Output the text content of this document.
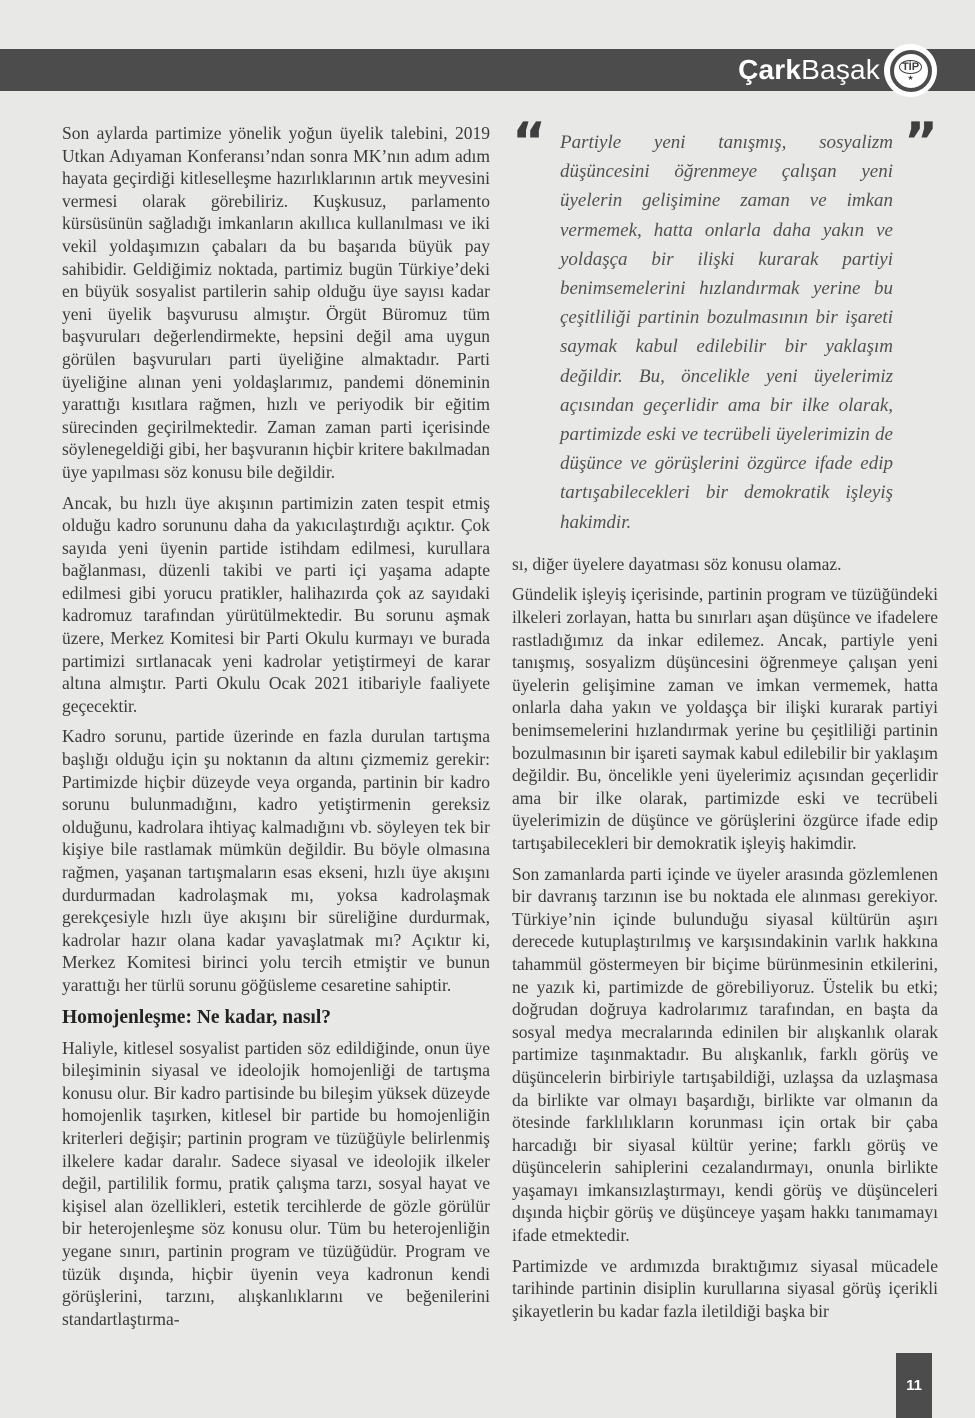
Çark Başak TİP
★

Son aylarda partimize yönelik yoğun üyelik talebini, 2019 Utkan Adıyaman Konferansı’ndan sonra MK’nın adım adım hayata geçirdiği kitleselleşme hazırlıklarının artık meyvesini vermesi olarak görebiliriz. Kuşkusuz, parlamento kürsüsünün sağladığı imkanların akıllıca kullanılması ve iki vekil yoldaşımızın çabaları da bu başarıda büyük pay sahibidir. Geldiğimiz noktada, partimiz bugün Türkiye’deki en büyük sosyalist partilerin sahip olduğu üye sayısı kadar yeni üyelik başvurusu almıştır. Örgüt Büromuz tüm başvuruları değerlendirmekte, hepsini değil ama uygun görülen başvuruları parti üyeliğine almaktadır. Parti üyeliğine alınan yeni yoldaşlarımız, pandemi döneminin yarattığı kısıtlara rağmen, hızlı ve periyodik bir eğitim sürecinden geçirilmektedir. Zaman zaman parti içerisinde söylenegeldiği gibi, her başvuranın hiçbir kritere bakılmadan üye yapılması söz konusu bile değildir.

Ancak, bu hızlı üye akışının partimizin zaten tespit etmiş olduğu kadro sorununu daha da yakıcılaştırdığı açıktır. Çok sayıda yeni üyenin partide istihdam edilmesi, kurullara bağlanması, düzenli takibi ve parti içi yaşama adapte edilmesi gibi yorucu pratikler, halihazırda çok az sayıdaki kadromuz tarafından yürütülmektedir. Bu sorunu aşmak üzere, Merkez Komitesi bir Parti Okulu kurmayı ve burada partimizi sırtlanacak yeni kadrolar yetiştirmeyi de karar altına almıştır. Parti Okulu Ocak 2021 itibariyle faaliyete geçecektir.

Kadro sorunu, partide üzerinde en fazla durulan tartışma başlığı olduğu için şu noktanın da altını çizmemiz gerekir: Partimizde hiçbir düzeyde veya organda, partinin bir kadro sorunu bulunmadığını, kadro yetiştirmenin gereksiz olduğunu, kadrolara ihtiyaç kalmadığını vb. söyleyen tek bir kişiye bile rastlamak mümkün değildir. Bu böyle olmasına rağmen, yaşanan tartışmaların esas ekseni, hızlı üye akışını durdurmadan kadrolaşmak mı, yoksa kadrolaşmak gerekçesiyle hızlı üye akışını bir süreliğine durdurmak, kadrolar hazır olana kadar yavaşlatmak mı? Açıktır ki, Merkez Komitesi birinci yolu tercih etmiştir ve bunun yarattığı her türlü sorunu göğüsleme cesaretine sahiptir.

Homojenleşme: Ne kadar, nasıl?

Haliyle, kitlesel sosyalist partiden söz edildiğinde, onun üye bileşiminin siyasal ve ideolojik homojenliği de tartışma konusu olur. Bir kadro partisinde bu bileşim yüksek düzeyde homojenlik taşırken, kitlesel bir partide bu homojenliğin kriterleri değişir; partinin program ve tüzüğüyle belirlenmiş ilkelere kadar daralır. Sadece siyasal ve ideolojik ilkeler değil, partililik formu, pratik çalışma tarzı, sosyal hayat ve kişisel alan özellikleri, estetik tercihlerde de gözle görülür bir heterojenleşme söz konusu olur. Tüm bu heterojenliğin yegane sınırı, partinin program ve tüzüğüdür. Program ve tüzük dışında, hiçbir üyenin veya kadronun kendi görüşlerini, tarzını, alışkanlıklarını ve beğenilerini standartlaştırma-

“	”
Partiyle yeni tanışmış, sosyalizm düşüncesini öğrenmeye çalışan yeni üyelerin gelişimine zaman ve imkan vermemek, hatta onlarla daha yakın ve yoldaşça bir ilişki kurarak partiyi benimsemelerini hızlandırmak yerine bu çeşitliliği partinin bozulmasının bir işareti saymak kabul edilebilir bir yaklaşım değildir. Bu, öncelikle yeni üyelerimiz açısından geçerlidir ama bir ilke olarak, partimizde eski ve tecrübeli üyelerimizin de düşünce ve görüşlerini özgürce ifade edip tartışabilecekleri bir demokratik işleyiş hakimdir.

sı, diğer üyelere dayatması söz konusu olamaz.

Gündelik işleyiş içerisinde, partinin program ve tüzüğündeki ilkeleri zorlayan, hatta bu sınırları aşan düşünce ve ifadelere rastladığımız da inkar edilemez. Ancak, partiyle yeni tanışmış, sosyalizm düşüncesini öğrenmeye çalışan yeni üyelerin gelişimine zaman ve imkan vermemek, hatta onlarla daha yakın ve yoldaşça bir ilişki kurarak partiyi benimsemelerini hızlandırmak yerine bu çeşitliliği partinin bozulmasının bir işareti saymak kabul edilebilir bir yaklaşım değildir. Bu, öncelikle yeni üyelerimiz açısından geçerlidir ama bir ilke olarak, partimizde eski ve tecrübeli üyelerimizin de düşünce ve görüşlerini özgürce ifade edip tartışabilecekleri bir demokratik işleyiş hakimdir.

Son zamanlarda parti içinde ve üyeler arasında gözlemlenen bir davranış tarzının ise bu noktada ele alınması gerekiyor. Türkiye’nin içinde bulunduğu siyasal kültürün aşırı derecede kutuplaştırılmış ve karşısındakinin varlık hakkına tahammül göstermeyen bir biçime bürünmesinin etkilerini, ne yazık ki, partimizde de görebiliyoruz. Üstelik bu etki; doğrudan doğruya kadrolarımız tarafından, en başta da sosyal medya mecralarında edinilen bir alışkanlık olarak partimize taşınmaktadır. Bu alışkanlık, farklı görüş ve düşüncelerin birbiriyle tartışabildiği, uzlaşsa da uzlaşmasa da birlikte var olmayı başardığı, birlikte var olmanın da ötesinde farklılıkların korunması için ortak bir çaba harcadığı bir siyasal kültür yerine; farklı görüş ve düşüncelerin sahiplerini cezalandırmayı, onunla birlikte yaşamayı imkansızlaştırmayı, kendi görüş ve düşünceleri dışında hiçbir görüş ve düşünceye yaşam hakkı tanımamayı ifade etmektedir.

Partimizde ve ardımızda bıraktığımız siyasal mücadele tarihinde partinin disiplin kurullarına siyasal görüş içerikli şikayetlerin bu kadar fazla iletildiği başka bir

11
